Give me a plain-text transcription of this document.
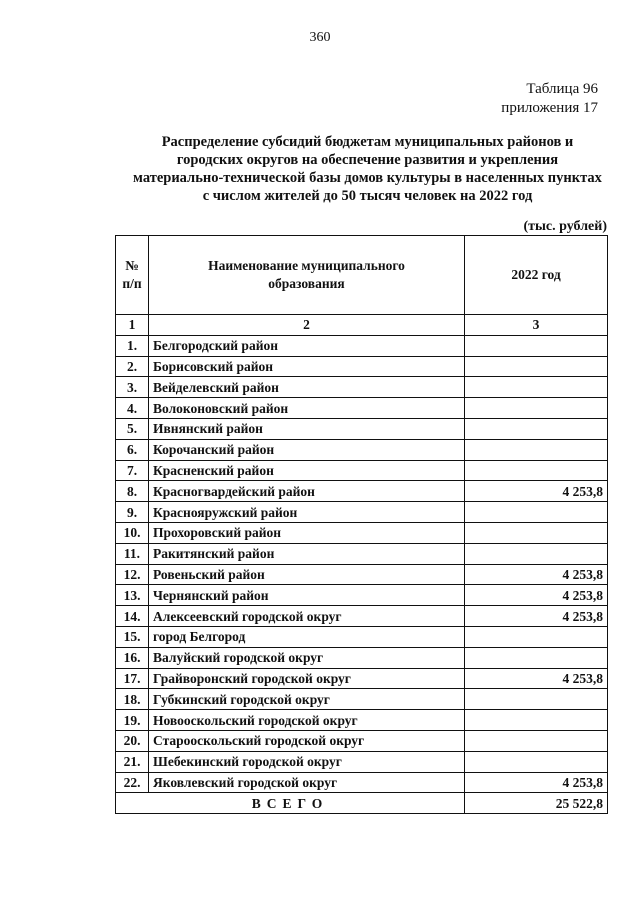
360
Таблица 96
приложения 17
Распределение субсидий бюджетам муниципальных районов и городских округов на обеспечение развития и укрепления материально-технической базы домов культуры в населенных пунктах с числом жителей до 50 тысяч человек на 2022 год
(тыс. рублей)
№
п/п	Наименование муниципального образования	2022 год
1	2	3
1.	Белгородский район	
2.	Борисовский район	
3.	Вейделевский район	
4.	Волоконовский район	
5.	Ивнянский район	
6.	Корочанский район	
7.	Красненский район	
8.	Красногвардейский район	4 253,8
9.	Краснояружский район	
10.	Прохоровский район	
11.	Ракитянский район	
12.	Ровеньский район	4 253,8
13.	Чернянский район	4 253,8
14.	Алексеевский городской округ	4 253,8
15.	город Белгород	
16.	Валуйский городской округ	
17.	Грайворонский городской округ	4 253,8
18.	Губкинский городской округ	
19.	Новооскольский городской округ	
20.	Старооскольский городской округ	
21.	Шебекинский городской округ	
22.	Яковлевский городской округ	4 253,8
ВСЕГО		25 522,8
